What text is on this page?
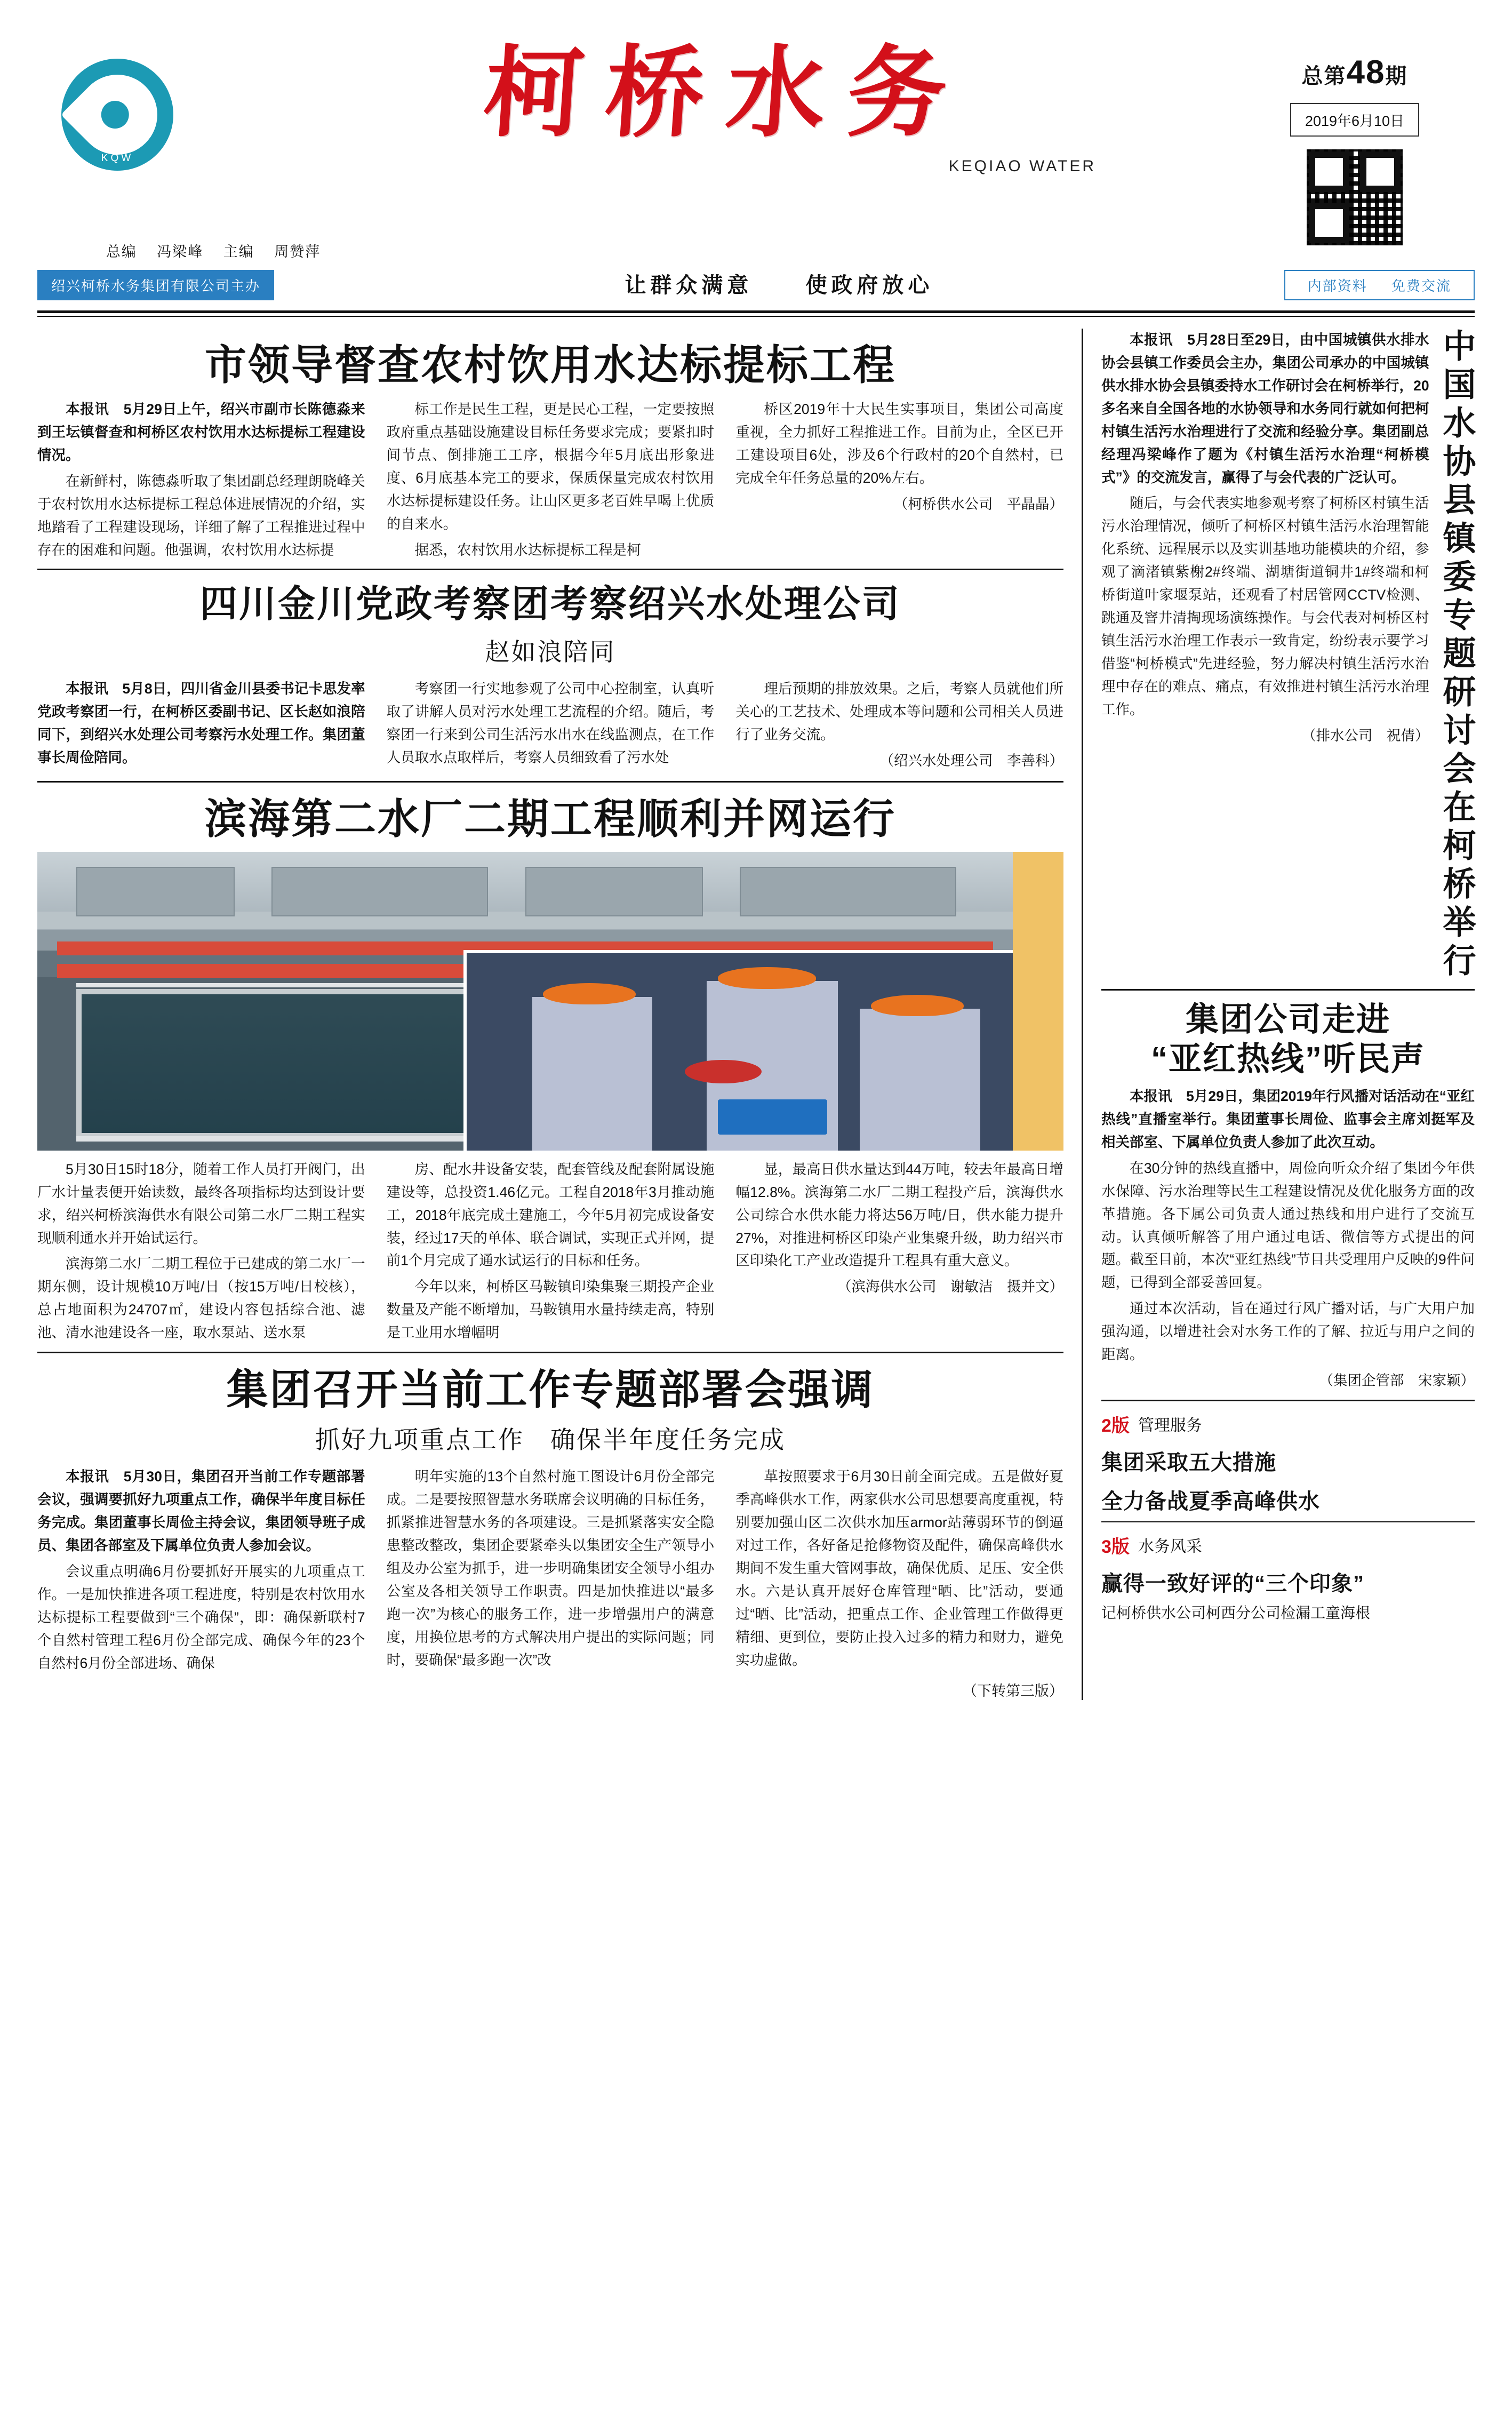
KQW
柯桥水务
KEQIAO WATER
总第48期
2019年6月10日
总编 冯梁峰 主编 周赞萍
绍兴柯桥水务集团有限公司主办	让群众满意 使政府放心	内部资料 免费交流
市领导督查农村饮用水达标提标工程

本报讯　5月29日上午，绍兴市副市长陈德淼来到王坛镇督查和柯桥区农村饮用水达标提标工程建设情况。

在新鲜村，陈德淼听取了集团副总经理朗晓峰关于农村饮用水达标提标工程总体进展情况的介绍，实地踏看了工程建设现场，详细了解了工程推进过程中存在的困难和问题。他强调，农村饮用水达标提

标工作是民生工程，更是民心工程，一定要按照政府重点基础设施建设目标任务要求完成；要紧扣时间节点、倒排施工工序，根据今年5月底出形象进度、6月底基本完工的要求，保质保量完成农村饮用水达标提标建设任务。让山区更多老百姓早喝上优质的自来水。

据悉，农村饮用水达标提标工程是柯

桥区2019年十大民生实事项目，集团公司高度重视，全力抓好工程推进工作。目前为止，全区已开工建设项目6处，涉及6个行政村的20个自然村，已完成全年任务总量的20%左右。

（柯桥供水公司　平晶晶）

四川金川党政考察团考察绍兴水处理公司
赵如浪陪同

本报讯　5月8日，四川省金川县委书记卡思发率党政考察团一行，在柯桥区委副书记、区长赵如浪陪同下，到绍兴水处理公司考察污水处理工作。集团董事长周俭陪同。

考察团一行实地参观了公司中心控制室，认真听取了讲解人员对污水处理工艺流程的介绍。随后，考察团一行来到公司生活污水出水在线监测点，在工作人员取水点取样后，考察人员细致看了污水处

理后预期的排放效果。之后，考察人员就他们所关心的工艺技术、处理成本等问题和公司相关人员进行了业务交流。

（绍兴水处理公司　李善科）

滨海第二水厂二期工程顺利并网运行

5月30日15时18分，随着工作人员打开阀门，出厂水计量表便开始读数，最终各项指标均达到设计要求，绍兴柯桥滨海供水有限公司第二水厂二期工程实现顺利通水并开始试运行。

滨海第二水厂二期工程位于已建成的第二水厂一期东侧，设计规模10万吨/日（按15万吨/日校核），总占地面积为24707㎡，建设内容包括综合池、滤池、清水池建设各一座，取水泵站、送水泵

房、配水井设备安装，配套管线及配套附属设施建设等，总投资1.46亿元。工程自2018年3月推动施工，2018年底完成土建施工，今年5月初完成设备安装，经过17天的单体、联合调试，实现正式并网，提前1个月完成了通水试运行的目标和任务。

今年以来，柯桥区马鞍镇印染集聚三期投产企业数量及产能不断增加，马鞍镇用水量持续走高，特别是工业用水增幅明

显，最高日供水量达到44万吨，较去年最高日增幅12.8%。滨海第二水厂二期工程投产后，滨海供水公司综合水供水能力将达56万吨/日，供水能力提升27%，对推进柯桥区印染产业集聚升级，助力绍兴市区印染化工产业改造提升工程具有重大意义。

（滨海供水公司　谢敏洁　摄并文）

集团召开当前工作专题部署会强调
抓好九项重点工作　确保半年度任务完成

本报讯　5月30日，集团召开当前工作专题部署会议，强调要抓好九项重点工作，确保半年度目标任务完成。集团董事长周俭主持会议，集团领导班子成员、集团各部室及下属单位负责人参加会议。

会议重点明确6月份要抓好开展实的九项重点工作。一是加快推进各项工程进度，特别是农村饮用水达标提标工程要做到“三个确保”，即：确保新联村7个自然村管理工程6月份全部完成、确保今年的23个自然村6月份全部进场、确保

明年实施的13个自然村施工图设计6月份全部完成。二是要按照智慧水务联席会议明确的目标任务，抓紧推进智慧水务的各项建设。三是抓紧落实安全隐患整改整改，集团企要紧牵头以集团安全生产领导小组及办公室为抓手，进一步明确集团安全领导小组办公室及各相关领导工作职责。四是加快推进以“最多跑一次”为核心的服务工作，进一步增强用户的满意度，用换位思考的方式解决用户提出的实际问题；同时，要确保“最多跑一次”改

革按照要求于6月30日前全面完成。五是做好夏季高峰供水工作，两家供水公司思想要高度重视，特别要加强山区二次供水加压armor站薄弱环节的倒逼对过工作，各好备足抢修物资及配件，确保高峰供水期间不发生重大管网事故，确保优质、足压、安全供水。六是认真开展好仓库管理“晒、比”活动，要通过“晒、比”活动，把重点工作、企业管理工作做得更精细、更到位，要防止投入过多的精力和财力，避免实功虚做。

（下转第三版）

本报讯　5月28日至29日，由中国城镇供水排水协会县镇工作委员会主办，集团公司承办的中国城镇供水排水协会县镇委持水工作研讨会在柯桥举行，20多名来自全国各地的水协领导和水务同行就如何把柯村镇生活污水治理进行了交流和经验分享。集团副总经理冯梁峰作了题为《村镇生活污水治理“柯桥模式”》的交流发言，赢得了与会代表的广泛认可。

随后，与会代表实地参观考察了柯桥区村镇生活污水治理情况，倾听了柯桥区村镇生活污水治理智能化系统、远程展示以及实训基地功能模块的介绍，参观了滴渚镇紫榭2#终端、湖塘街道铜井1#终端和柯桥街道叶家堰泵站，还观看了村居管网CCTV检测、跳通及窨井清掏现场演练操作。与会代表对柯桥区村镇生活污水治理工作表示一致肯定，纷纷表示要学习借鉴“柯桥模式”先进经验，努力解决村镇生活污水治理中存在的难点、痛点，有效推进村镇生活污水治理工作。

（排水公司　祝倩） 中国水协县镇委专题研讨会在柯桥举行
集团公司走进
“亚红热线”听民声

本报讯　5月29日，集团2019年行风播对话活动在“亚红热线”直播室举行。集团董事长周俭、监事会主席刘挺军及相关部室、下属单位负责人参加了此次互动。

在30分钟的热线直播中，周俭向听众介绍了集团今年供水保障、污水治理等民生工程建设情况及优化服务方面的改革措施。各下属公司负责人通过热线和用户进行了交流互动。认真倾听解答了用户通过电话、微信等方式提出的问题。截至目前，本次“亚红热线”节目共受理用户反映的9件问题，已得到全部妥善回复。

通过本次活动，旨在通过行风广播对话，与广大用户加强沟通，以增进社会对水务工作的了解、拉近与用户之间的距离。

（集团企管部　宋家颖）

2版 管理服务
集团采取五大措施
全力备战夏季高峰供水
3版 水务风采
赢得一致好评的“三个印象”
记柯桥供水公司柯西分公司检漏工童海根
